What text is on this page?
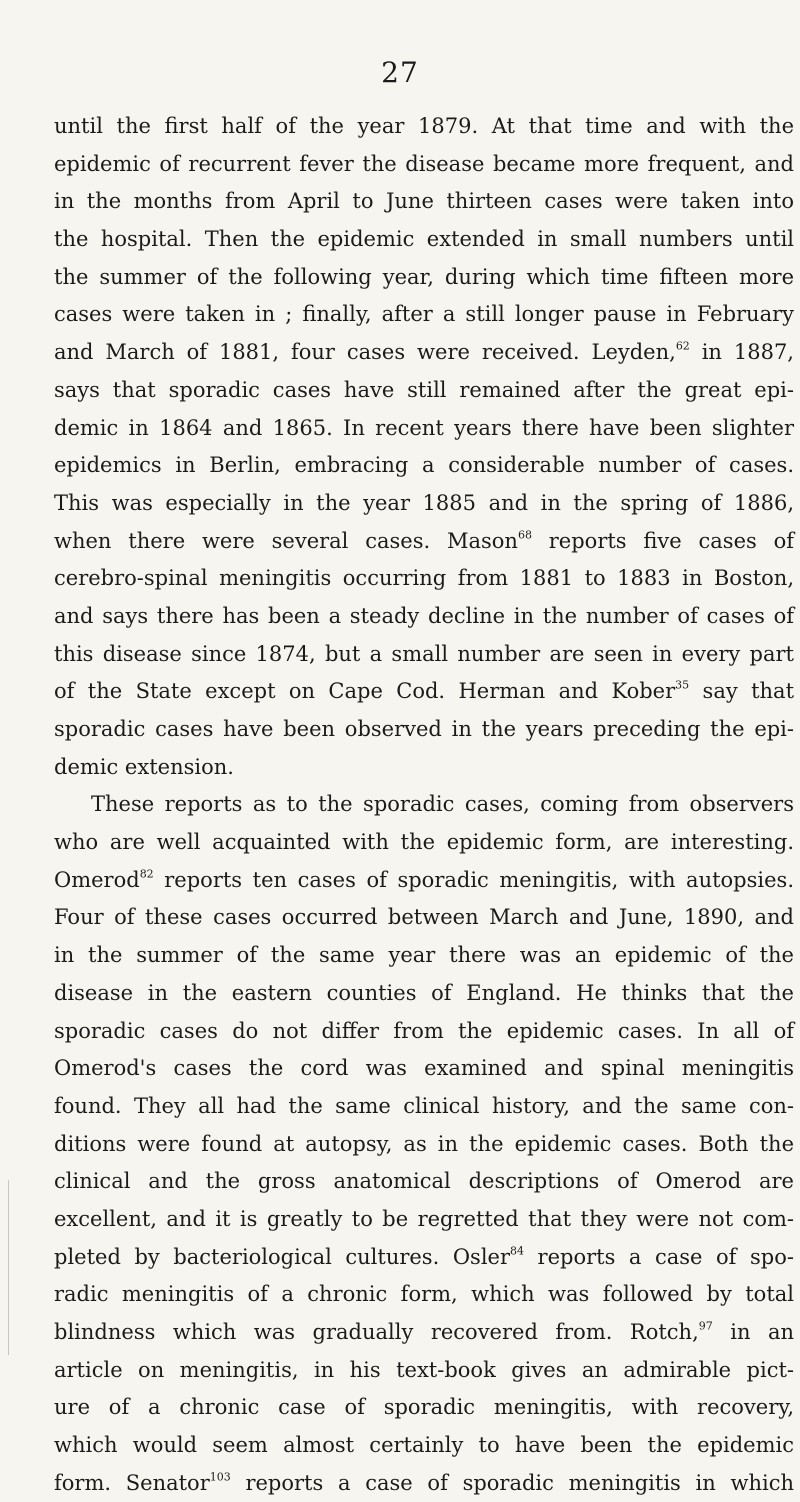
27
until the first half of the year 1879. At that time and with the
epidemic of recurrent fever the disease became more frequent, and
in the months from April to June thirteen cases were taken into
the hospital. Then the epidemic extended in small numbers until
the summer of the following year, during which time fifteen more
cases were taken in ; finally, after a still longer pause in February
and March of 1881, four cases were received. Leyden,$^{62}$ in 1887,
says that sporadic cases have still remained after the great epi-
demic in 1864 and 1865. In recent years there have been slighter
epidemics in Berlin, embracing a considerable number of cases.
This was especially in the year 1885 and in the spring of 1886,
when there were several cases. Mason$^{68}$ reports five cases of
cerebro-spinal meningitis occurring from 1881 to 1883 in Boston,
and says there has been a steady decline in the number of cases of
this disease since 1874, but a small number are seen in every part
of the State except on Cape Cod. Herman and Kober$^{35}$ say that
sporadic cases have been observed in the years preceding the epi-
demic extension.
These reports as to the sporadic cases, coming from observers
who are well acquainted with the epidemic form, are interesting.
Omerod$^{82}$ reports ten cases of sporadic meningitis, with autopsies.
Four of these cases occurred between March and June, 1890, and
in the summer of the same year there was an epidemic of the
disease in the eastern counties of England. He thinks that the
sporadic cases do not differ from the epidemic cases. In all of
Omerod's cases the cord was examined and spinal meningitis
found. They all had the same clinical history, and the same con-
ditions were found at autopsy, as in the epidemic cases. Both the
clinical and the gross anatomical descriptions of Omerod are
excellent, and it is greatly to be regretted that they were not com-
pleted by bacteriological cultures. Osler$^{84}$ reports a case of spo-
radic meningitis of a chronic form, which was followed by total
blindness which was gradually recovered from. Rotch,$^{97}$ in an
article on meningitis, in his text-book gives an admirable pict-
ure of a chronic case of sporadic meningitis, with recovery,
which would seem almost certainly to have been the epidemic
form. Senator$^{103}$ reports a case of sporadic meningitis in which
